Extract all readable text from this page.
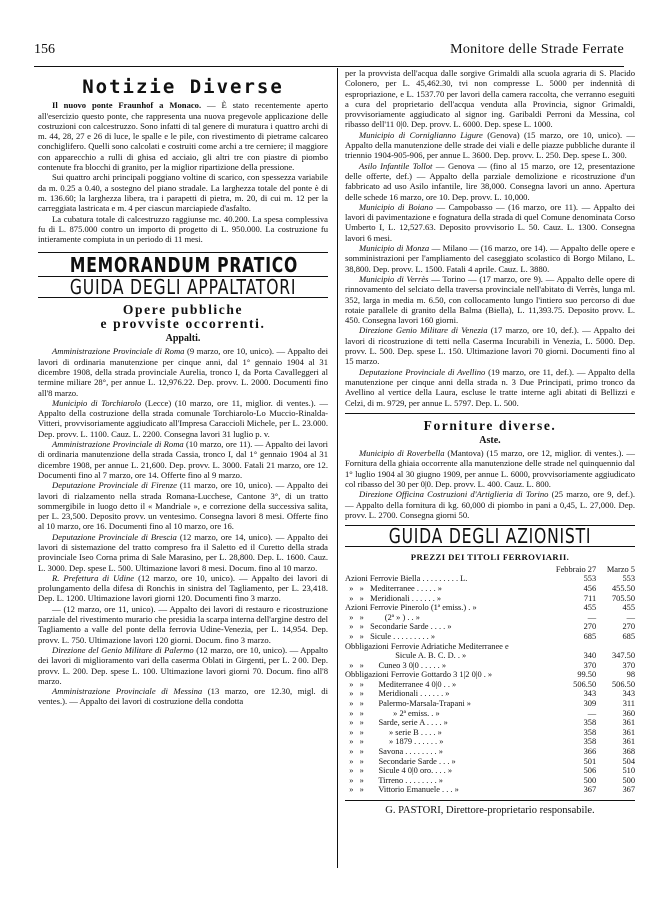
156	Monitore delle Strade Ferrate
Notizie Diverse

Il nuovo ponte Fraunhof a Monaco. — È stato recentemente aperto all'esercizio questo ponte, che rappresenta una nuova pregevole applicazione delle costruzioni con calcestruzzo. Sono infatti di tal genere di muratura i quattro archi di m. 44, 28, 27 e 26 di luce, le spalle e le pile, con rivestimento di pietrame calcareo conchiglifero. Quelli sono calcolati e costruiti come archi a tre cerniere; il maggiore con apparecchio a rulli di ghisa ed acciaio, gli altri tre con piastre di piombo contenute fra blocchi di granito, per la miglior ripartizione della pressione.

Sui quattro archi principali poggiano voltine di scarico, con spessezza variabile da m. 0.25 a 0.40, a sostegno del piano stradale. La larghezza totale del ponte è di m. 136.60; la larghezza libera, tra i parapetti di pietra, m. 20, di cui m. 12 per la carreggiata lastricata e m. 4 per ciascun marciapiede d'asfalto.

La cubatura totale di calcestruzzo raggiunse mc. 40.200. La spesa complessiva fu di L. 875.000 contro un importo di progetto di L. 950.000. La costruzione fu intieramente compiuta in un periodo di 11 mesi.

MEMORANDUM PRATICO
GUIDA DEGLI APPALTATORI
Opere pubbliche
e provviste occorrenti.
Appalti.

Amministrazione Provinciale di Roma (9 marzo, ore 10, unico). — Appalto dei lavori di ordinaria manutenzione per cinque anni, dal 1° gennaio 1904 al 31 dicembre 1908, della strada provinciale Aurelia, tronco I, da Porta Cavalleggeri al termine miliare 28°, per annue L. 12,976.22. Dep. provv. L. 2000. Documenti fino all'8 marzo.

Municipio di Torchiarolo (Lecce) (10 marzo, ore 11, miglior. di ventes.). — Appalto della costruzione della strada comunale Torchiarolo-Lo Muccio-Rinalda-Vitteri, provvisoriamente aggiudicato all'Impresa Caraccioli Michele, per L. 23.000. Dep. provv. L. 1100. Cauz. L. 2200. Consegna lavori 31 luglio p. v.

Amministrazione Provinciale di Roma (10 marzo, ore 11). — Appalto dei lavori di ordinaria manutenzione della strada Cassia, tronco I, dal 1° gennaio 1904 al 31 dicembre 1908, per annue L. 21,600. Dep. provv. L. 3000. Fatali 21 marzo, ore 12. Documenti fino al 7 marzo, ore 14. Offerte fino al 9 marzo.

Deputazione Provinciale di Firenze (11 marzo, ore 10, unico). — Appalto dei lavori di rialzamento nella strada Romana-Lucchese, Cantone 3°, di un tratto sommergibile in luogo detto il « Mandriale », e correzione della successiva salita, per L. 23,500. Deposito provv. un ventesimo. Consegna lavori 8 mesi. Offerte fino al 10 marzo, ore 16. Documenti fino al 10 marzo, ore 16.

Deputazione Provinciale di Brescia (12 marzo, ore 14, unico). — Appalto dei lavori di sistemazione del tratto compreso fra il Saletto ed il Curetto della strada provinciale Iseo Corna prima di Sale Marasino, per L. 28,800. Dep. L. 1600. Cauz. L. 3000. Dep. spese L. 500. Ultimazione lavori 8 mesi. Docum. fino al 10 marzo.

R. Prefettura di Udine (12 marzo, ore 10, unico). — Appalto dei lavori di prolungamento della difesa di Ronchis in sinistra del Tagliamento, per L. 23,418. Dep. L. 1200. Ultimazione lavori giorni 120. Documenti fino 3 marzo.

— (12 marzo, ore 11, unico). — Appalto dei lavori di restauro e ricostruzione parziale del rivestimento murario che presidia la scarpa interna dell'argine destro del Tagliamento a valle del ponte della ferrovia Udine-Venezia, per L. 14,954. Dep. provv. L. 750. Ultimazione lavori 120 giorni. Docum. fino 3 marzo.

Direzione del Genio Militare di Palermo (12 marzo, ore 10, unico). — Appalto dei lavori di miglioramento vari della caserma Oblati in Girgenti, per L. 2 00. Dep. provv. L. 200. Dep. spese L. 100. Ultimazione lavori giorni 70. Docum. fino all'8 marzo.

Amministrazione Provinciale di Messina (13 marzo, ore 12.30, migl. di ventes.). — Appalto dei lavori di costruzione della condotta

per la provvista dell'acqua dalle sorgive Grimaldi alla scuola agraria di S. Placido Colonero, per L. 45,462.30, tvi non compresse L. 5000 per indennità di espropriazione, e L. 1537.70 per lavori della camera raccolta, che verranno eseguiti a cura del proprietario dell'acqua venduta alla Provincia, signor Grimaldi, provvisoriamente aggiudicato al signor ing. Garibaldi Perroni da Messina, col ribasso dell'11 0|0. Dep. provv. L. 6000. Dep. spese L. 1000.

Municipio di Corniglianno Ligure (Genova) (15 marzo, ore 10, unico). — Appalto della manutenzione delle strade dei viali e delle piazze pubbliche durante il triennio 1904-905-906, per annue L. 3600. Dep. provv. L. 250. Dep. spese L. 300.

Asilo Infantile Tollot — Genova — (fino al 15 marzo, ore 12, presentazione delle offerte, def.) — Appalto della parziale demolizione e ricostruzione d'un fabbricato ad uso Asilo infantile, lire 38,000. Consegna lavori un anno. Apertura delle schede 16 marzo, ore 10. Dep. provv. L. 10,000.

Municipio di Boiano — Campobasso — (16 marzo, ore 11). — Appalto dei lavori di pavimentazione e fognatura della strada di quel Comune denominata Corso Umberto I, L. 12,527.63. Deposito provvisorio L. 50. Cauz. L. 1300. Consegna lavori 6 mesi.

Municipio di Monza — Milano — (16 marzo, ore 14). — Appalto delle opere e somministrazioni per l'ampliamento del caseggiato scolastico di Borgo Milano, L. 38,800. Dep. provv. L. 1500. Fatali 4 aprile. Cauz. L. 3880.

Municipio di Verrès — Torino — (17 marzo, ore 9). — Appalto delle opere di rinnovamento del selciato della traversa provinciale nell'abitato di Verrès, lunga ml. 352, larga in media m. 6.50, con collocamento lungo l'intiero suo percorso di due rotaie parallele di granito della Balma (Biella), L. 11,393.75. Deposito provv. L. 450. Consegna lavori 160 giorni.

Direzione Genio Militare di Venezia (17 marzo, ore 10, def.). — Appalto dei lavori di ricostruzione di tetti nella Caserma Incurabili in Venezia, L. 5000. Dep. provv. L. 500. Dep. spese L. 150. Ultimazione lavori 70 giorni. Documenti fino al 15 marzo.

Deputazione Provinciale di Avellino (19 marzo, ore 11, def.). — Appalto della manutenzione per cinque anni della strada n. 3 Due Principati, primo tronco da Avellino al vertice della Laura, escluse le tratte interne agli abitati di Bellizzi e Celzi, di m. 9729, per annue L. 5797. Dep. L. 500.

Forniture diverse.
Aste.

Municipio di Roverbella (Mantova) (15 marzo, ore 12, miglior. di ventes.). — Fornitura della ghiaia occorrente alla manutenzione delle strade nel quinquennio dal 1° luglio 1904 al 30 giugno 1909, per annue L. 6000, provvisoriamente aggiudicato col ribasso del 30 per 0|0. Dep. provv. L. 400. Cauz. L. 800.

Direzione Officina Costruzioni d'Artiglieria di Torino (25 marzo, ore 9, def.). — Appalto della fornitura di kg. 60,000 di piombo in pani a 0,45, L. 27,000. Dep. provv. L. 2700. Consegna giorni 50.

GUIDA DEGLI AZIONISTI
PREZZI DEI TITOLI FERROVIARII.
	Febbraio 27	Marzo 5
Azioni Ferrovie Biella . . . . . . . . . L.	553	553
»   »   Mediterranee . . . . . »	456	455.50
»   »   Meridionali . . . . . . »	711	705.50
Azioni Ferrovie Pinerolo (1ª emiss.) . »	455	455
»   »          (2ª » ) . . »	—	—
»   »   Secondarie Sarde . . . . »	270	270
»   »   Sicule . . . . . . . . . »	685	685
Obbligazioni Ferrovie Adriatiche Mediterranee e		
Sicule A. B. C. D. . »	340	347.50
»   »       Cuneo 3 0|0 . . . . . »	370	370
Obbligazioni Ferrovie Gottardo 3 1|2 0|0 . »	99.50	98
»   »       Mediterranee 4 0|0 . . »	506.50	506.50
»   »       Meridionali . . . . . . »	343	343
»   »       Palermo-Marsala-Trapani »	309	311
»   »              » 2ª emiss. . »	—	360
»   »       Sarde, serie A . . . . »	358	361
»   »            » serie B . . . . »	358	361
»   »            » 1879 . . . . . . »	358	361
»   »       Savona . . . . . . . . »	366	368
»   »       Secondarie Sarde . . . »	501	504
»   »       Sicule 4 0|0 oro. . . . »	506	510
»   »       Tirreno . . . . . . . . »	500	500
»   »       Vittorio Emanuele . . . »	367	367
G. PASTORI, Direttore-proprietario responsabile.
